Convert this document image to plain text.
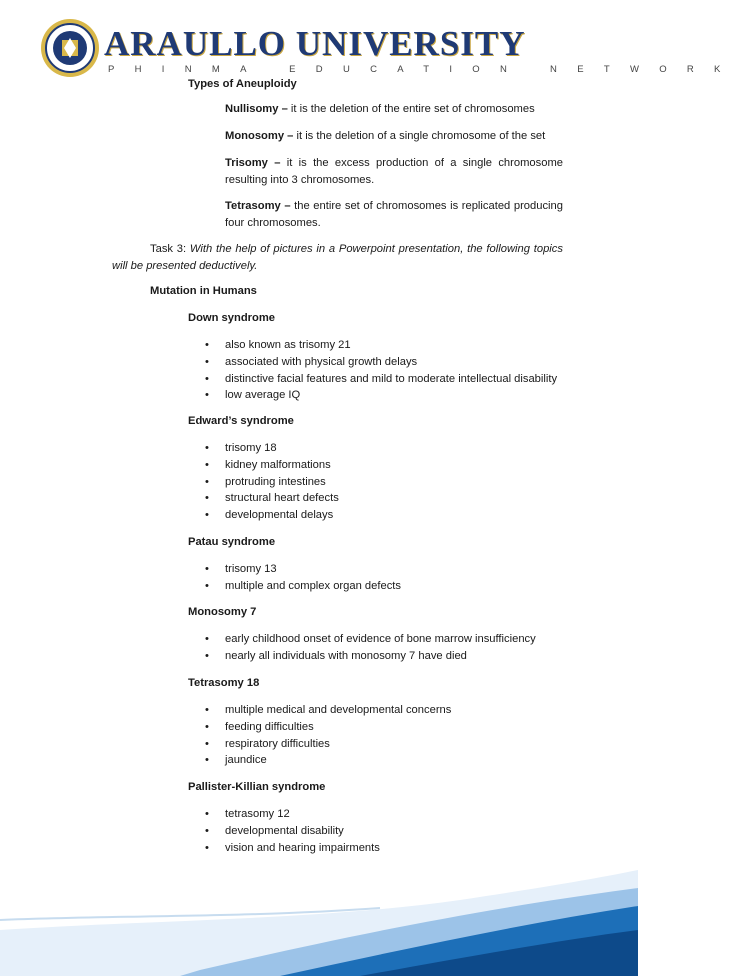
ARAULLO UNIVERSITY
PHINMA EDUCATION NETWORK
Types of Aneuploidy
Nullisomy – it is the deletion of the entire set of chromosomes
Monosomy – it is the deletion of a single chromosome of the set
Trisomy – it is the excess production of a single chromosome resulting into 3 chromosomes.
Tetrasomy – the entire set of chromosomes is replicated producing four chromosomes.
Task 3: With the help of pictures in a Powerpoint presentation, the following topics will be presented deductively.
Mutation in Humans
Down syndrome
• also known as trisomy 21
• associated with physical growth delays
• distinctive facial features and mild to moderate intellectual disability
• low average IQ
Edward’s syndrome
• trisomy 18
• kidney malformations
• protruding intestines
• structural heart defects
• developmental delays
Patau syndrome
• trisomy 13
• multiple and complex organ defects
Monosomy 7
• early childhood onset of evidence of bone marrow insufficiency
• nearly all individuals with monosomy 7 have died
Tetrasomy 18
• multiple medical and developmental concerns
• feeding difficulties
• respiratory difficulties
• jaundice
Pallister-Killian syndrome
• tetrasomy 12
• developmental disability
• vision and hearing impairments
